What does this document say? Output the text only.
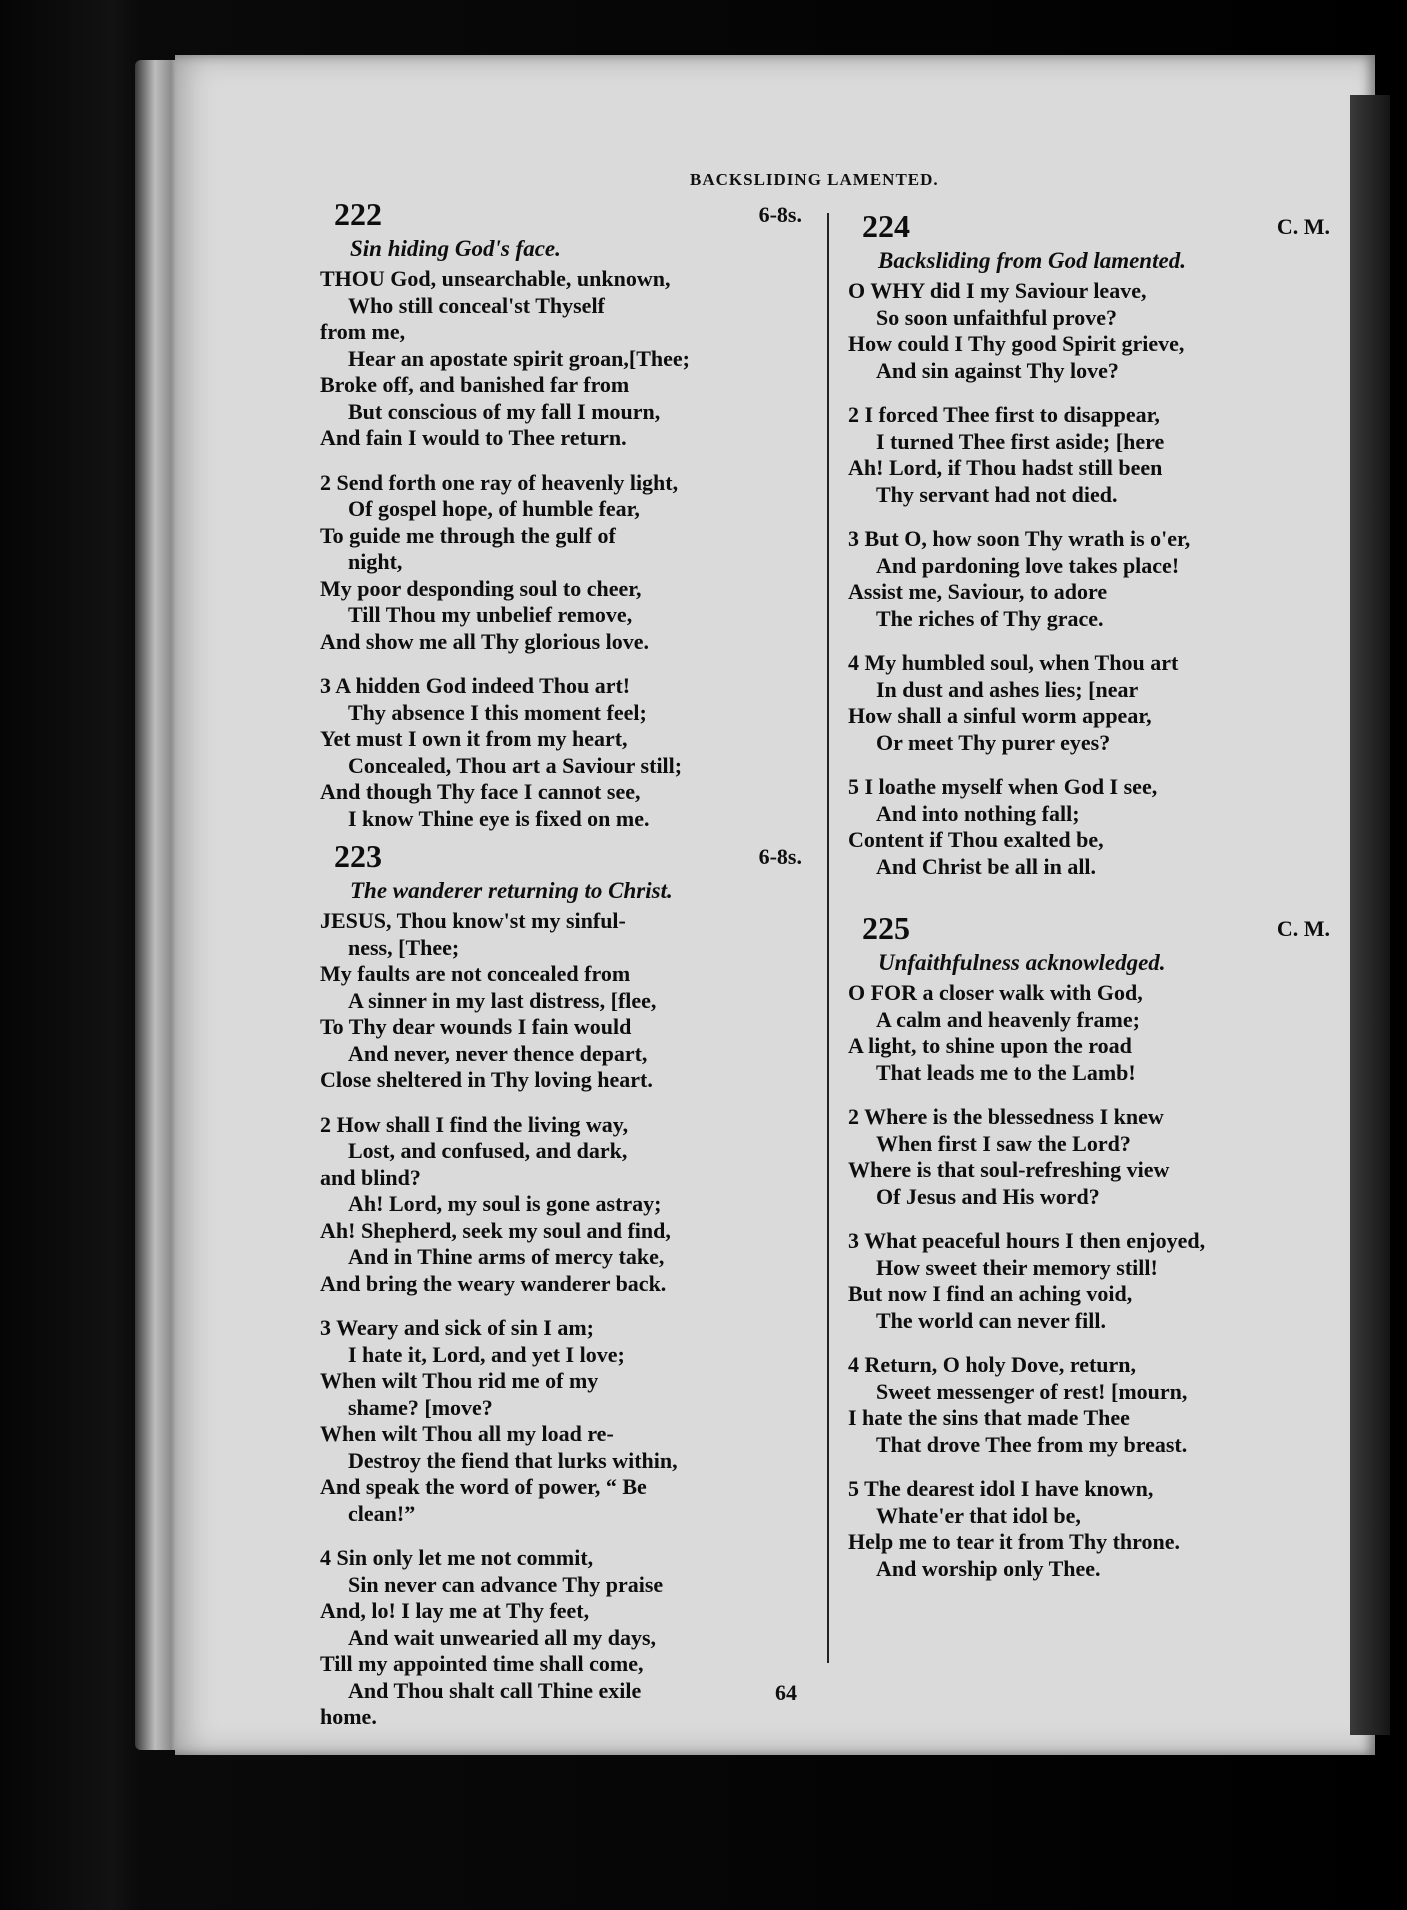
BACKSLIDING LAMENTED.
222	6-8s.
Sin hiding God's face.
THOU God, unsearchable, unknown,
Who still conceal'st Thyself
from me,
Hear an apostate spirit groan,[Thee;
Broke off, and banished far from
But conscious of my fall I mourn,
And fain I would to Thee return.
2 Send forth one ray of heavenly light,
Of gospel hope, of humble fear,
To guide me through the gulf of
night,
My poor desponding soul to cheer,
Till Thou my unbelief remove,
And show me all Thy glorious love.
3 A hidden God indeed Thou art!
Thy absence I this moment feel;
Yet must I own it from my heart,
Concealed, Thou art a Saviour still;
And though Thy face I cannot see,
I know Thine eye is fixed on me.
223	6-8s.
The wanderer returning to Christ.
JESUS, Thou know'st my sinful-
ness, [Thee;
My faults are not concealed from
A sinner in my last distress, [flee,
To Thy dear wounds I fain would
And never, never thence depart,
Close sheltered in Thy loving heart.
2 How shall I find the living way,
Lost, and confused, and dark,
and blind?
Ah! Lord, my soul is gone astray;
Ah! Shepherd, seek my soul and find,
And in Thine arms of mercy take,
And bring the weary wanderer back.
3 Weary and sick of sin I am;
I hate it, Lord, and yet I love;
When wilt Thou rid me of my
shame? [move?
When wilt Thou all my load re-
Destroy the fiend that lurks within,
And speak the word of power, “ Be
clean!”
4 Sin only let me not commit,
Sin never can advance Thy praise
And, lo! I lay me at Thy feet,
And wait unwearied all my days,
Till my appointed time shall come,
And Thou shalt call Thine exile
home.
224	C. M.
Backsliding from God lamented.
O WHY did I my Saviour leave,
So soon unfaithful prove?
How could I Thy good Spirit grieve,
And sin against Thy love?
2 I forced Thee first to disappear,
I turned Thee first aside; [here
Ah! Lord, if Thou hadst still been
Thy servant had not died.
3 But O, how soon Thy wrath is o'er,
And pardoning love takes place!
Assist me, Saviour, to adore
The riches of Thy grace.
4 My humbled soul, when Thou art
In dust and ashes lies; [near
How shall a sinful worm appear,
Or meet Thy purer eyes?
5 I loathe myself when God I see,
And into nothing fall;
Content if Thou exalted be,
And Christ be all in all.
225	C. M.
Unfaithfulness acknowledged.
O FOR a closer walk with God,
A calm and heavenly frame;
A light, to shine upon the road
That leads me to the Lamb!
2 Where is the blessedness I knew
When first I saw the Lord?
Where is that soul-refreshing view
Of Jesus and His word?
3 What peaceful hours I then enjoyed,
How sweet their memory still!
But now I find an aching void,
The world can never fill.
4 Return, O holy Dove, return,
Sweet messenger of rest! [mourn,
I hate the sins that made Thee
That drove Thee from my breast.
5 The dearest idol I have known,
Whate'er that idol be,
Help me to tear it from Thy throne.
And worship only Thee.
64
